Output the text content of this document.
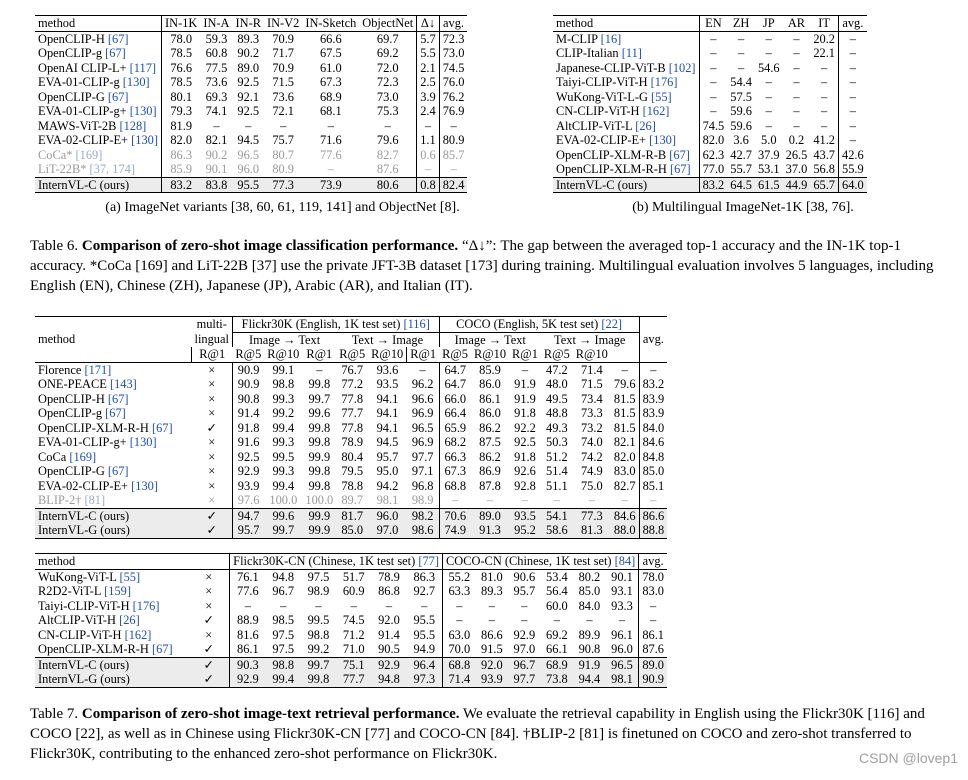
method	IN-1K	IN-A	IN-R	IN-V2	IN-Sketch	ObjectNet	Δ↓	avg.
OpenCLIP-H [67]	78.0	59.3	89.3	70.9	66.6	69.7	5.7	72.3
OpenCLIP-g [67]	78.5	60.8	90.2	71.7	67.5	69.2	5.5	73.0
OpenAI CLIP-L+ [117]	76.6	77.5	89.0	70.9	61.0	72.0	2.1	74.5
EVA-01-CLIP-g [130]	78.5	73.6	92.5	71.5	67.3	72.3	2.5	76.0
OpenCLIP-G [67]	80.1	69.3	92.1	73.6	68.9	73.0	3.9	76.2
EVA-01-CLIP-g+ [130]	79.3	74.1	92.5	72.1	68.1	75.3	2.4	76.9
MAWS-ViT-2B [128]	81.9	–	–	–	–	–	–	–
EVA-02-CLIP-E+ [130]	82.0	82.1	94.5	75.7	71.6	79.6	1.1	80.9
CoCa* [169]	86.3	90.2	96.5	80.7	77.6	82.7	0.6	85.7
LiT-22B* [37, 174]	85.9	90.1	96.0	80.9	–	87.6	–	–
InternVL-C (ours)	83.2	83.8	95.5	77.3	73.9	80.6	0.8	82.4
(a) ImageNet variants [38, 60, 61, 119, 141] and ObjectNet [8].
method	EN	ZH	JP	AR	IT	avg.
M-CLIP [16]	–	–	–	–	20.2	–
CLIP-Italian [11]	–	–	–	–	22.1	–
Japanese-CLIP-ViT-B [102]	–	–	54.6	–	–	–
Taiyi-CLIP-ViT-H [176]	–	54.4	–	–	–	–
WuKong-ViT-L-G [55]	–	57.5	–	–	–	–
CN-CLIP-ViT-H [162]	–	59.6	–	–	–	–
AltCLIP-ViT-L [26]	74.5	59.6	–	–	–	–
EVA-02-CLIP-E+ [130]	82.0	3.6	5.0	0.2	41.2	–
OpenCLIP-XLM-R-B [67]	62.3	42.7	37.9	26.5	43.7	42.6
OpenCLIP-XLM-R-H [67]	77.0	55.7	53.1	37.0	56.8	55.9
InternVL-C (ours)	83.2	64.5	61.5	44.9	65.7	64.0
(b) Multilingual ImageNet-1K [38, 76].
Table 6. Comparison of zero-shot image classification performance. “Δ↓”: The gap between the averaged top-1 accuracy and the IN-1K top-1 accuracy. *CoCa [169] and LiT-22B [37] use the private JFT-3B dataset [173] during training. Multilingual evaluation involves 5 languages, including English (EN), Chinese (ZH), Japanese (JP), Arabic (AR), and Italian (IT).
method	multi-	Flickr30K (English, 1K test set) [116]						COCO (English, 5K test set) [22]						avg.
	lingual	Image → Text			Text → Image			Image → Text			Text → Image			
	R@1	R@5	R@10	R@1	R@5	R@10	R@1	R@5	R@10	R@1	R@5	R@10		
Florence [171]	×	90.9	99.1	–	76.7	93.6	–	64.7	85.9	–	47.2	71.4	–	–
ONE-PEACE [143]	×	90.9	98.8	99.8	77.2	93.5	96.2	64.7	86.0	91.9	48.0	71.5	79.6	83.2
OpenCLIP-H [67]	×	90.8	99.3	99.7	77.8	94.1	96.6	66.0	86.1	91.9	49.5	73.4	81.5	83.9
OpenCLIP-g [67]	×	91.4	99.2	99.6	77.7	94.1	96.9	66.4	86.0	91.8	48.8	73.3	81.5	83.9
OpenCLIP-XLM-R-H [67]	✓	91.8	99.4	99.8	77.8	94.1	96.5	65.9	86.2	92.2	49.3	73.2	81.5	84.0
EVA-01-CLIP-g+ [130]	×	91.6	99.3	99.8	78.9	94.5	96.9	68.2	87.5	92.5	50.3	74.0	82.1	84.6
CoCa [169]	×	92.5	99.5	99.9	80.4	95.7	97.7	66.3	86.2	91.8	51.2	74.2	82.0	84.8
OpenCLIP-G [67]	×	92.9	99.3	99.8	79.5	95.0	97.1	67.3	86.9	92.6	51.4	74.9	83.0	85.0
EVA-02-CLIP-E+ [130]	×	93.9	99.4	99.8	78.8	94.2	96.8	68.8	87.8	92.8	51.1	75.0	82.7	85.1
BLIP-2† [81]	×	97.6	100.0	100.0	89.7	98.1	98.9	–	–	–	–	–	–	–
InternVL-C (ours)	✓	94.7	99.6	99.9	81.7	96.0	98.2	70.6	89.0	93.5	54.1	77.3	84.6	86.6
InternVL-G (ours)	✓	95.7	99.7	99.9	85.0	97.0	98.6	74.9	91.3	95.2	58.6	81.3	88.0	88.8
method		Flickr30K-CN (Chinese, 1K test set) [77]						COCO-CN (Chinese, 1K test set) [84]						avg.
WuKong-ViT-L [55]	×	76.1	94.8	97.5	51.7	78.9	86.3	55.2	81.0	90.6	53.4	80.2	90.1	78.0
R2D2-ViT-L [159]	×	77.6	96.7	98.9	60.9	86.8	92.7	63.3	89.3	95.7	56.4	85.0	93.1	83.0
Taiyi-CLIP-ViT-H [176]	×	–	–	–	–	–	–	–	–	–	60.0	84.0	93.3	–
AltCLIP-ViT-H [26]	✓	88.9	98.5	99.5	74.5	92.0	95.5	–	–	–	–	–	–	–
CN-CLIP-ViT-H [162]	×	81.6	97.5	98.8	71.2	91.4	95.5	63.0	86.6	92.9	69.2	89.9	96.1	86.1
OpenCLIP-XLM-R-H [67]	✓	86.1	97.5	99.2	71.0	90.5	94.9	70.0	91.5	97.0	66.1	90.8	96.0	87.6
InternVL-C (ours)	✓	90.3	98.8	99.7	75.1	92.9	96.4	68.8	92.0	96.7	68.9	91.9	96.5	89.0
InternVL-G (ours)	✓	92.9	99.4	99.8	77.7	94.8	97.3	71.4	93.9	97.7	73.8	94.4	98.1	90.9
Table 7. Comparison of zero-shot image-text retrieval performance. We evaluate the retrieval capability in English using the Flickr30K [116] and COCO [22], as well as in Chinese using Flickr30K-CN [77] and COCO-CN [84]. †BLIP-2 [81] is finetuned on COCO and zero-shot transferred to Flickr30K, contributing to the enhanced zero-shot performance on Flickr30K.	CSDN @lovep1
